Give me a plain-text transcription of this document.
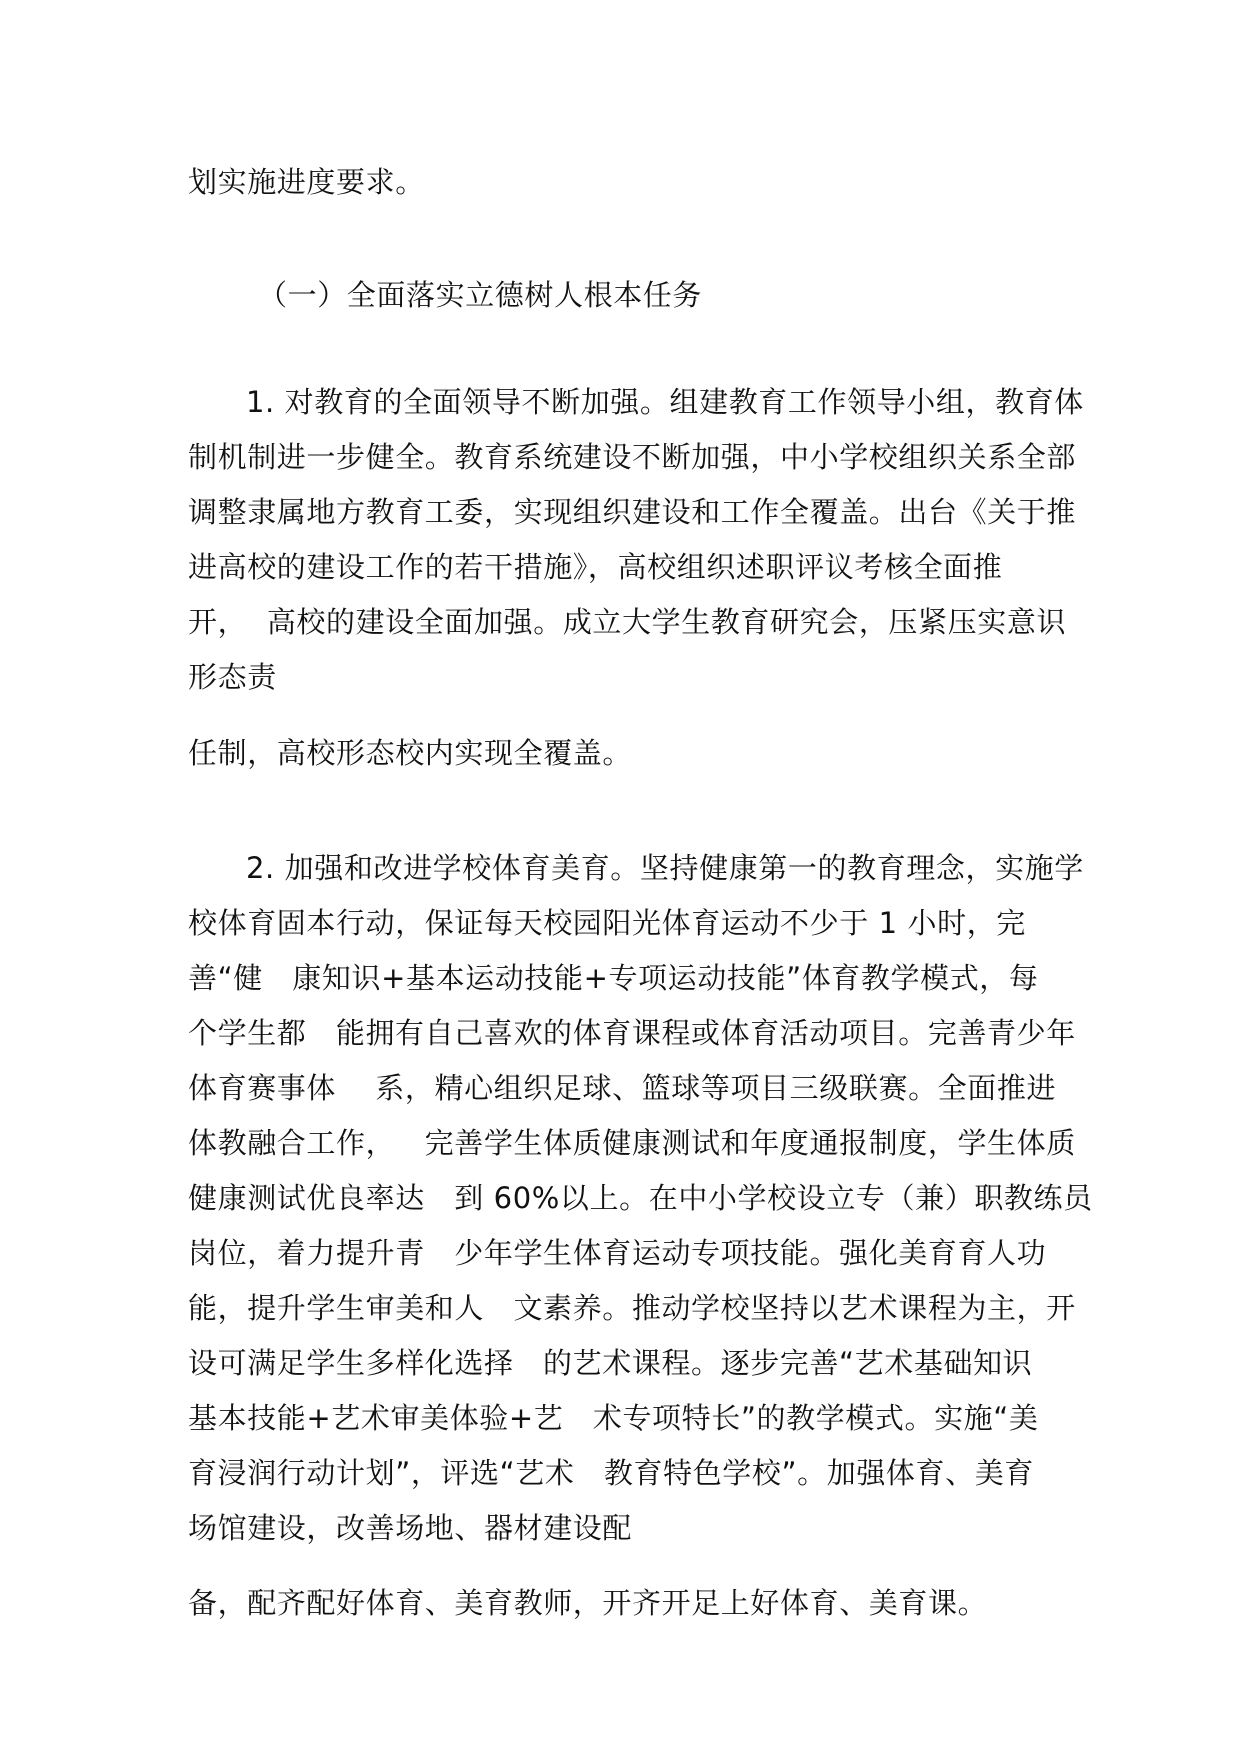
划实施进度要求。
（一）全面落实立德树人根本任务
1. 对教育的全面领导不断加强。组建教育工作领导小组，教育体
制机制进一步健全。教育系统建设不断加强，中小学校组织关系全部
调整隶属地方教育工委，实现组织建设和工作全覆盖。出台《关于推
进高校的建设工作的若干措施》，高校组织述职评议考核全面推
开，  高校的建设全面加强。成立大学生教育研究会，压紧压实意识
形态责
任制，高校形态校内实现全覆盖。
2. 加强和改进学校体育美育。坚持健康第一的教育理念，实施学
校体育固本行动，保证每天校园阳光体育运动不少于 1 小时，完
善“健   康知识+基本运动技能+专项运动技能”体育教学模式，每
个学生都   能拥有自己喜欢的体育课程或体育活动项目。完善青少年
体育赛事体    系，精心组织足球、篮球等项目三级联赛。全面推进
体教融合工作，   完善学生体质健康测试和年度通报制度，学生体质
健康测试优良率达   到 60%以上。在中小学校设立专（兼）职教练员
岗位，着力提升青   少年学生体育运动专项技能。强化美育育人功
能，提升学生审美和人   文素养。推动学校坚持以艺术课程为主，开
设可满足学生多样化选择   的艺术课程。逐步完善“艺术基础知识
基本技能+艺术审美体验+艺   术专项特长”的教学模式。实施“美
育浸润行动计划”，评选“艺术   教育特色学校”。加强体育、美育
场馆建设，改善场地、器材建设配
备，配齐配好体育、美育教师，开齐开足上好体育、美育课。
